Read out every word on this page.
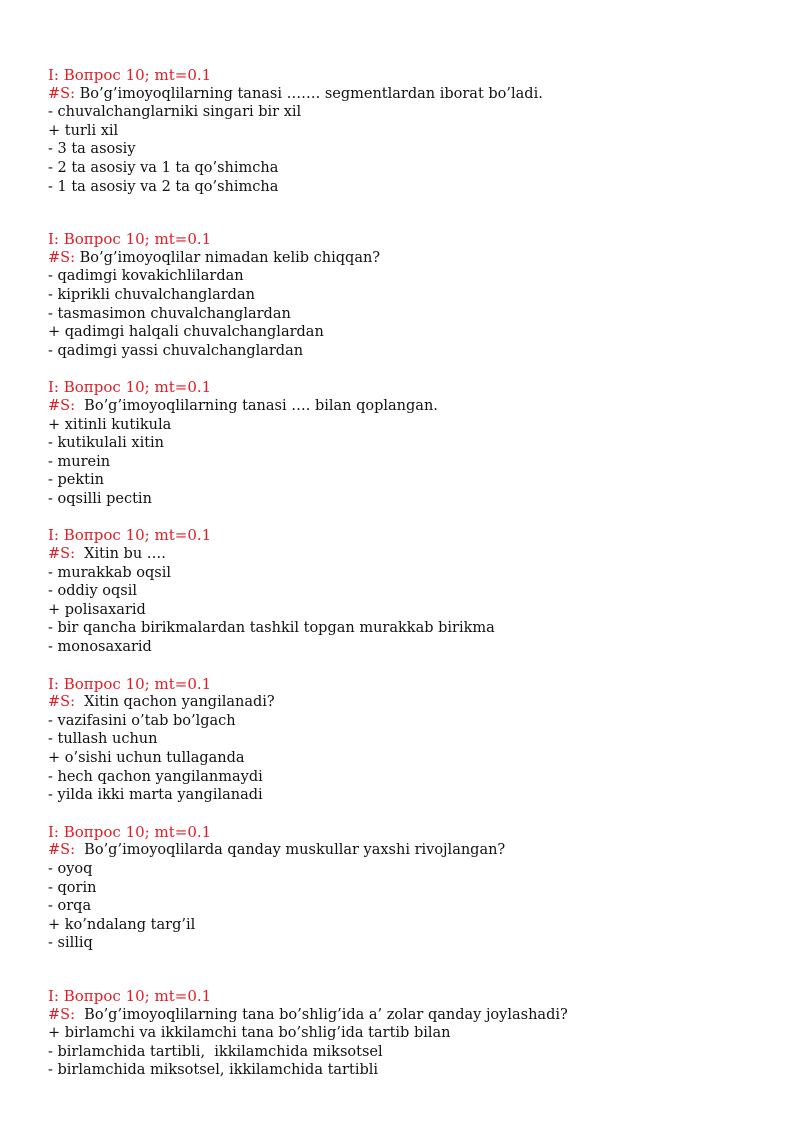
I: Вопрос 10; mt=0.1
#S: Bo’g’imoyoqlilarning tanasi ……. segmentlardan iborat bo’ladi.
- chuvalchanglarniki singari bir xil
+ turli xil
- 3 ta asosiy
- 2 ta asosiy va 1 ta qo’shimcha
- 1 ta asosiy va 2 ta qo’shimcha
I: Вопрос 10; mt=0.1
#S: Bo’g’imoyoqlilar nimadan kelib chiqqan?
- qadimgi kovakichlilardan
- kiprikli chuvalchanglardan
- tasmasimon chuvalchanglardan
+ qadimgi halqali chuvalchanglardan
- qadimgi yassi chuvalchanglardan
I: Вопрос 10; mt=0.1
#S:  Bo’g’imoyoqlilarning tanasi …. bilan qoplangan.
+ xitinli kutikula
- kutikulali xitin
- murein
- pektin
- oqsilli pectin
I: Вопрос 10; mt=0.1
#S:  Xitin bu ….
- murakkab oqsil
- oddiy oqsil
+ polisaxarid
- bir qancha birikmalardan tashkil topgan murakkab birikma
- monosaxarid
I: Вопрос 10; mt=0.1
#S:  Xitin qachon yangilanadi?
- vazifasini o’tab bo’lgach
- tullash uchun
+ o’sishi uchun tullaganda
- hech qachon yangilanmaydi
- yilda ikki marta yangilanadi
I: Вопрос 10; mt=0.1
#S:  Bo’g’imoyoqlilarda qanday muskullar yaxshi rivojlangan?
- oyoq
- qorin
- orqa
+ ko’ndalang targ’il
- silliq
I: Вопрос 10; mt=0.1
#S:  Bo’g’imoyoqlilarning tana bo’shlig’ida a’ zolar qanday joylashadi?
+ birlamchi va ikkilamchi tana bo’shlig’ida tartib bilan
- birlamchida tartibli,  ikkilamchida miksotsel
- birlamchida miksotsel, ikkilamchida tartibli
